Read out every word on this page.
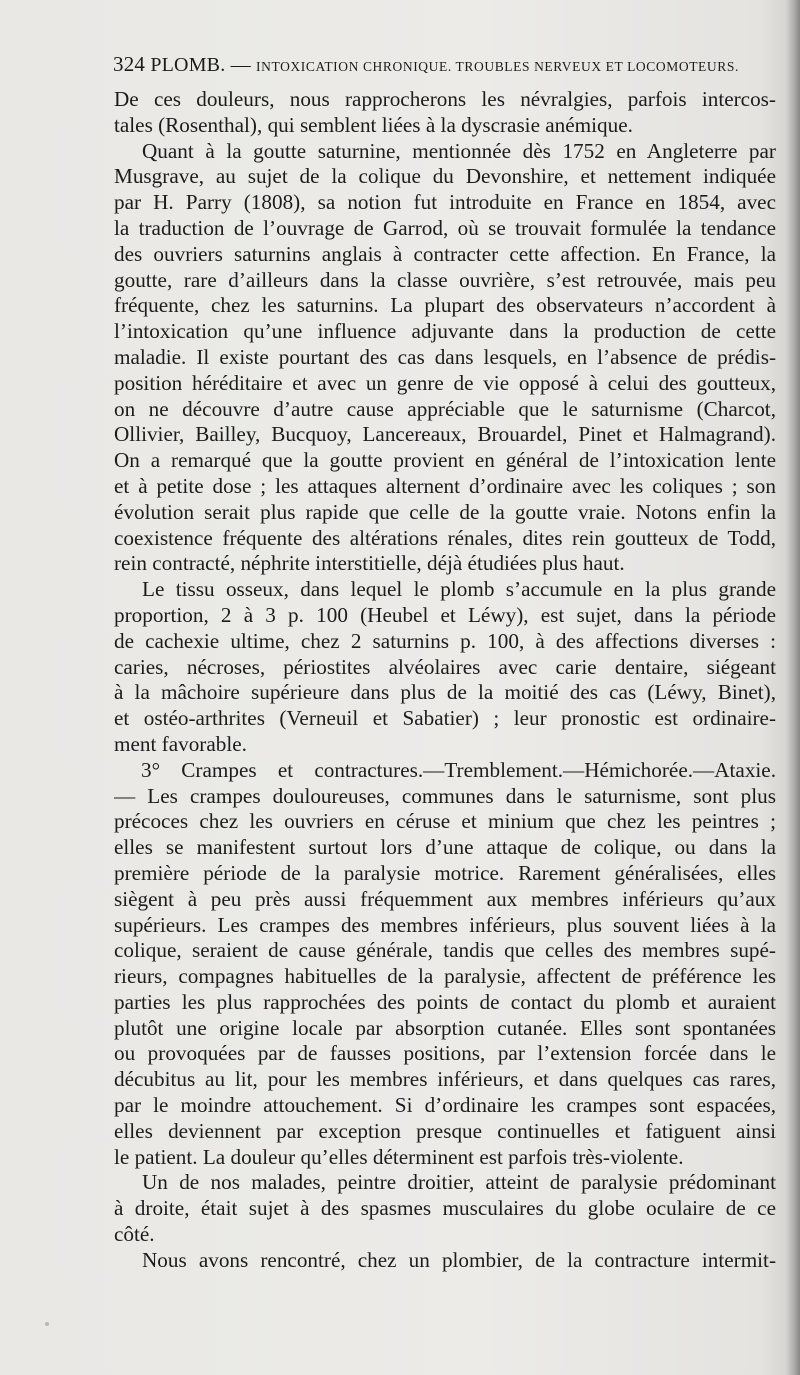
324 PLOMB. — INTOXICATION CHRONIQUE. TROUBLES NERVEUX ET LOCOMOTEURS.
De ces douleurs, nous rapprocherons les névralgies, parfois intercos-
tales (Rosenthal), qui semblent liées à la dyscrasie anémique.
Quant à la goutte saturnine, mentionnée dès 1752 en Angleterre par
Musgrave, au sujet de la colique du Devonshire, et nettement indiquée
par H. Parry (1808), sa notion fut introduite en France en 1854, avec
la traduction de l’ouvrage de Garrod, où se trouvait formulée la tendance
des ouvriers saturnins anglais à contracter cette affection. En France, la
goutte, rare d’ailleurs dans la classe ouvrière, s’est retrouvée, mais peu
fréquente, chez les saturnins. La plupart des observateurs n’accordent à
l’intoxication qu’une influence adjuvante dans la production de cette
maladie. Il existe pourtant des cas dans lesquels, en l’absence de prédis-
position héréditaire et avec un genre de vie opposé à celui des goutteux,
on ne découvre d’autre cause appréciable que le saturnisme (Charcot,
Ollivier, Bailley, Bucquoy, Lancereaux, Brouardel, Pinet et Halmagrand).
On a remarqué que la goutte provient en général de l’intoxication lente
et à petite dose ; les attaques alternent d’ordinaire avec les coliques ; son
évolution serait plus rapide que celle de la goutte vraie. Notons enfin la
coexistence fréquente des altérations rénales, dites rein goutteux de Todd,
rein contracté, néphrite interstitielle, déjà étudiées plus haut.
Le tissu osseux, dans lequel le plomb s’accumule en la plus grande
proportion, 2 à 3 p. 100 (Heubel et Léwy), est sujet, dans la période
de cachexie ultime, chez 2 saturnins p. 100, à des affections diverses :
caries, nécroses, périostites alvéolaires avec carie dentaire, siégeant
à la mâchoire supérieure dans plus de la moitié des cas (Léwy, Binet),
et ostéo-arthrites (Verneuil et Sabatier) ; leur pronostic est ordinaire-
ment favorable.
3° Crampes et contractures.—Tremblement.—Hémichorée.—Ataxie.
— Les crampes douloureuses, communes dans le saturnisme, sont plus
précoces chez les ouvriers en céruse et minium que chez les peintres ;
elles se manifestent surtout lors d’une attaque de colique, ou dans la
première période de la paralysie motrice. Rarement généralisées, elles
siègent à peu près aussi fréquemment aux membres inférieurs qu’aux
supérieurs. Les crampes des membres inférieurs, plus souvent liées à la
colique, seraient de cause générale, tandis que celles des membres supé-
rieurs, compagnes habituelles de la paralysie, affectent de préférence les
parties les plus rapprochées des points de contact du plomb et auraient
plutôt une origine locale par absorption cutanée. Elles sont spontanées
ou provoquées par de fausses positions, par l’extension forcée dans le
décubitus au lit, pour les membres inférieurs, et dans quelques cas rares,
par le moindre attouchement. Si d’ordinaire les crampes sont espacées,
elles deviennent par exception presque continuelles et fatiguent ainsi
le patient. La douleur qu’elles déterminent est parfois très-violente.
Un de nos malades, peintre droitier, atteint de paralysie prédominant
à droite, était sujet à des spasmes musculaires du globe oculaire de ce
côté.
Nous avons rencontré, chez un plombier, de la contracture intermit-
